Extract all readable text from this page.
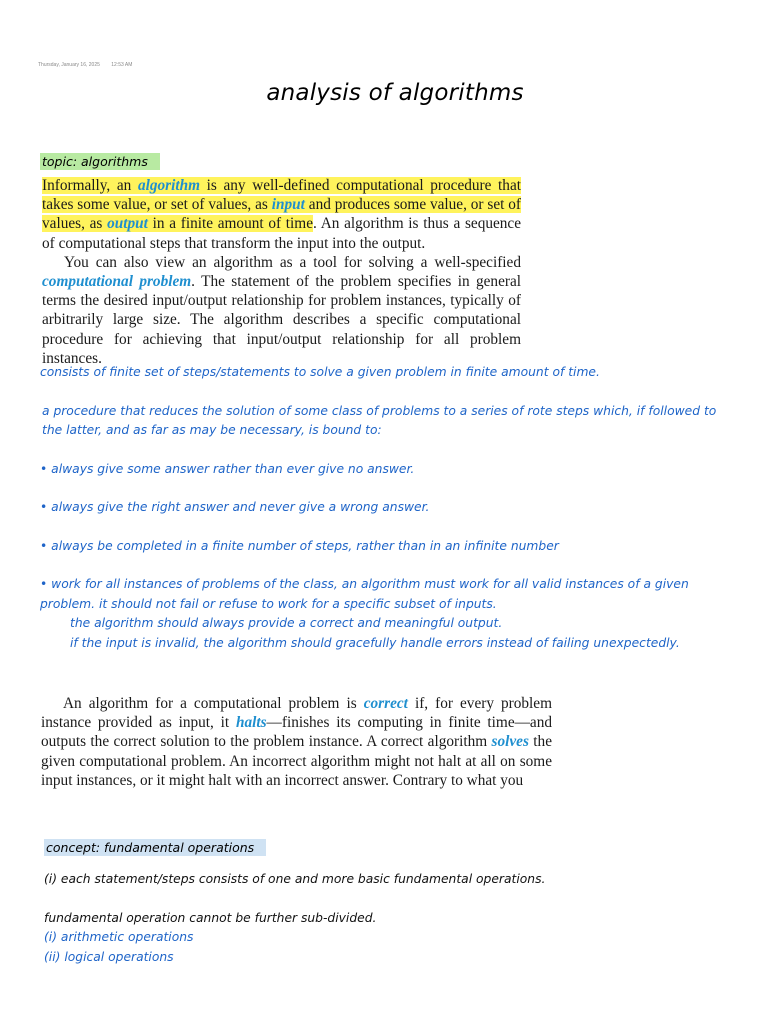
Thursday, January 16, 2025 12:53 AM
analysis of algorithms
topic: algorithms

Informally, an algorithm is any well-defined computational procedure that takes some value, or set of values, as input and produces some value, or set of values, as output in a finite amount of time. An algorithm is thus a sequence of computational steps that transform the input into the output.

You can also view an algorithm as a tool for solving a well-specified computational problem. The statement of the problem specifies in general terms the desired input/output relationship for problem instances, typically of arbitrarily large size. The algorithm describes a specific computational procedure for achieving that input/output relationship for all problem instances.

consists of finite set of steps/statements to solve a given problem in finite amount of time.

a procedure that reduces the solution of some class of problems to a series of rote steps which, if followed to the latter, and as far as may be necessary, is bound to:

• always give some answer rather than ever give no answer.

• always give the right answer and never give a wrong answer.

• always be completed in a finite number of steps, rather than in an infinite number

• work for all instances of problems of the class, an algorithm must work for all valid instances of a given problem. it should not fail or refuse to work for a specific subset of inputs.

the algorithm should always provide a correct and meaningful output.

if the input is invalid, the algorithm should gracefully handle errors instead of failing unexpectedly.

An algorithm for a computational problem is correct if, for every problem instance provided as input, it halts—finishes its computing in finite time—and outputs the correct solution to the problem instance. A correct algorithm solves the given computational problem. An incorrect algorithm might not halt at all on some input instances, or it might halt with an incorrect answer. Contrary to what you

concept: fundamental operations

(i) each statement/steps consists of one and more basic fundamental operations.

fundamental operation cannot be further sub-divided.

(i) arithmetic operations

(ii) logical operations
